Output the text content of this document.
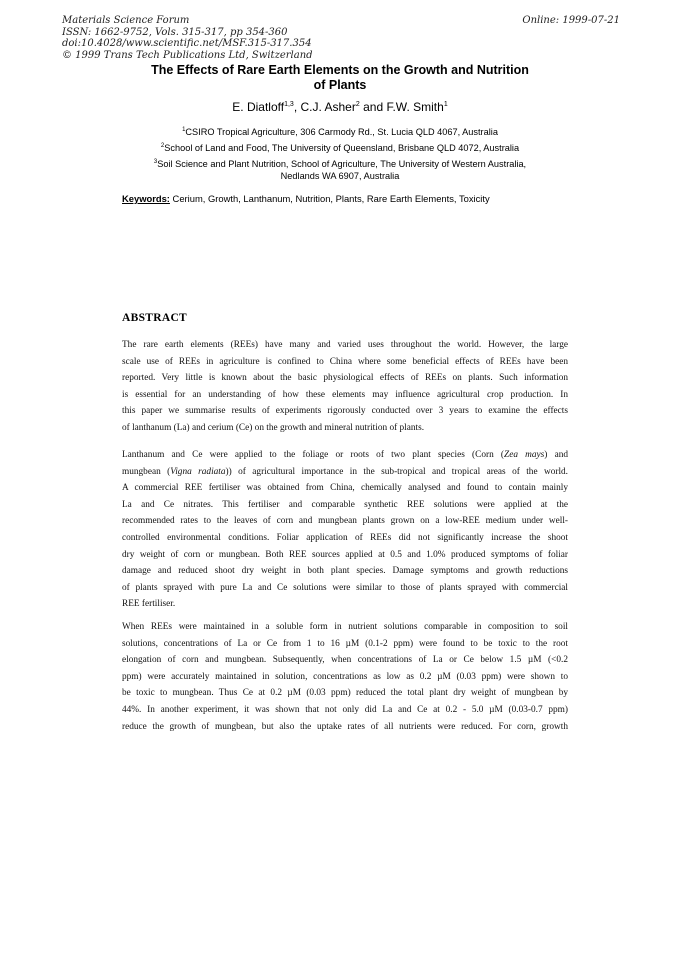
Materials Science Forum
ISSN: 1662-9752, Vols. 315-317, pp 354-360
doi:10.4028/www.scientific.net/MSF.315-317.354
© 1999 Trans Tech Publications Ltd, Switzerland
Online: 1999-07-21
The Effects of Rare Earth Elements on the Growth and Nutrition
of Plants
E. Diatloff$^{1,3}$, C.J. Asher$^2$ and F.W. Smith$^1$
$^1$CSIRO Tropical Agriculture, 306 Carmody Rd., St. Lucia QLD 4067, Australia
$^2$School of Land and Food, The University of Queensland, Brisbane QLD 4072, Australia
$^3$Soil Science and Plant Nutrition, School of Agriculture, The University of Western Australia,
Nedlands WA 6907, Australia
Keywords: Cerium, Growth, Lanthanum, Nutrition, Plants, Rare Earth Elements, Toxicity
ABSTRACT
The rare earth elements (REEs) have many and varied uses throughout the world. However, the large
scale use of REEs in agriculture is confined to China where some beneficial effects of REEs have been
reported. Very little is known about the basic physiological effects of REEs on plants. Such information
is essential for an understanding of how these elements may influence agricultural crop production. In
this paper we summarise results of experiments rigorously conducted over 3 years to examine the effects
of lanthanum (La) and cerium (Ce) on the growth and mineral nutrition of plants.
Lanthanum and Ce were applied to the foliage or roots of two plant species (Corn (Zea mays) and
mungbean (Vigna radiata)) of agricultural importance in the sub-tropical and tropical areas of the world.
A commercial REE fertiliser was obtained from China, chemically analysed and found to contain mainly
La and Ce nitrates. This fertiliser and comparable synthetic REE solutions were applied at the
recommended rates to the leaves of corn and mungbean plants grown on a low-REE medium under well-
controlled environmental conditions. Foliar application of REEs did not significantly increase the shoot
dry weight of corn or mungbean. Both REE sources applied at 0.5 and 1.0% produced symptoms of foliar
damage and reduced shoot dry weight in both plant species. Damage symptoms and growth reductions
of plants sprayed with pure La and Ce solutions were similar to those of plants sprayed with commercial
REE fertiliser.
When REEs were maintained in a soluble form in nutrient solutions comparable in composition to soil
solutions, concentrations of La or Ce from 1 to 16 µM (0.1-2 ppm) were found to be toxic to the root
elongation of corn and mungbean. Subsequently, when concentrations of La or Ce below 1.5 µM (<0.2
ppm) were accurately maintained in solution, concentrations as low as 0.2 µM (0.03 ppm) were shown to
be toxic to mungbean. Thus Ce at 0.2 µM (0.03 ppm) reduced the total plant dry weight of mungbean by
44%. In another experiment, it was shown that not only did La and Ce at 0.2 - 5.0 µM (0.03-0.7 ppm)
reduce the growth of mungbean, but also the uptake rates of all nutrients were reduced. For corn, growth
